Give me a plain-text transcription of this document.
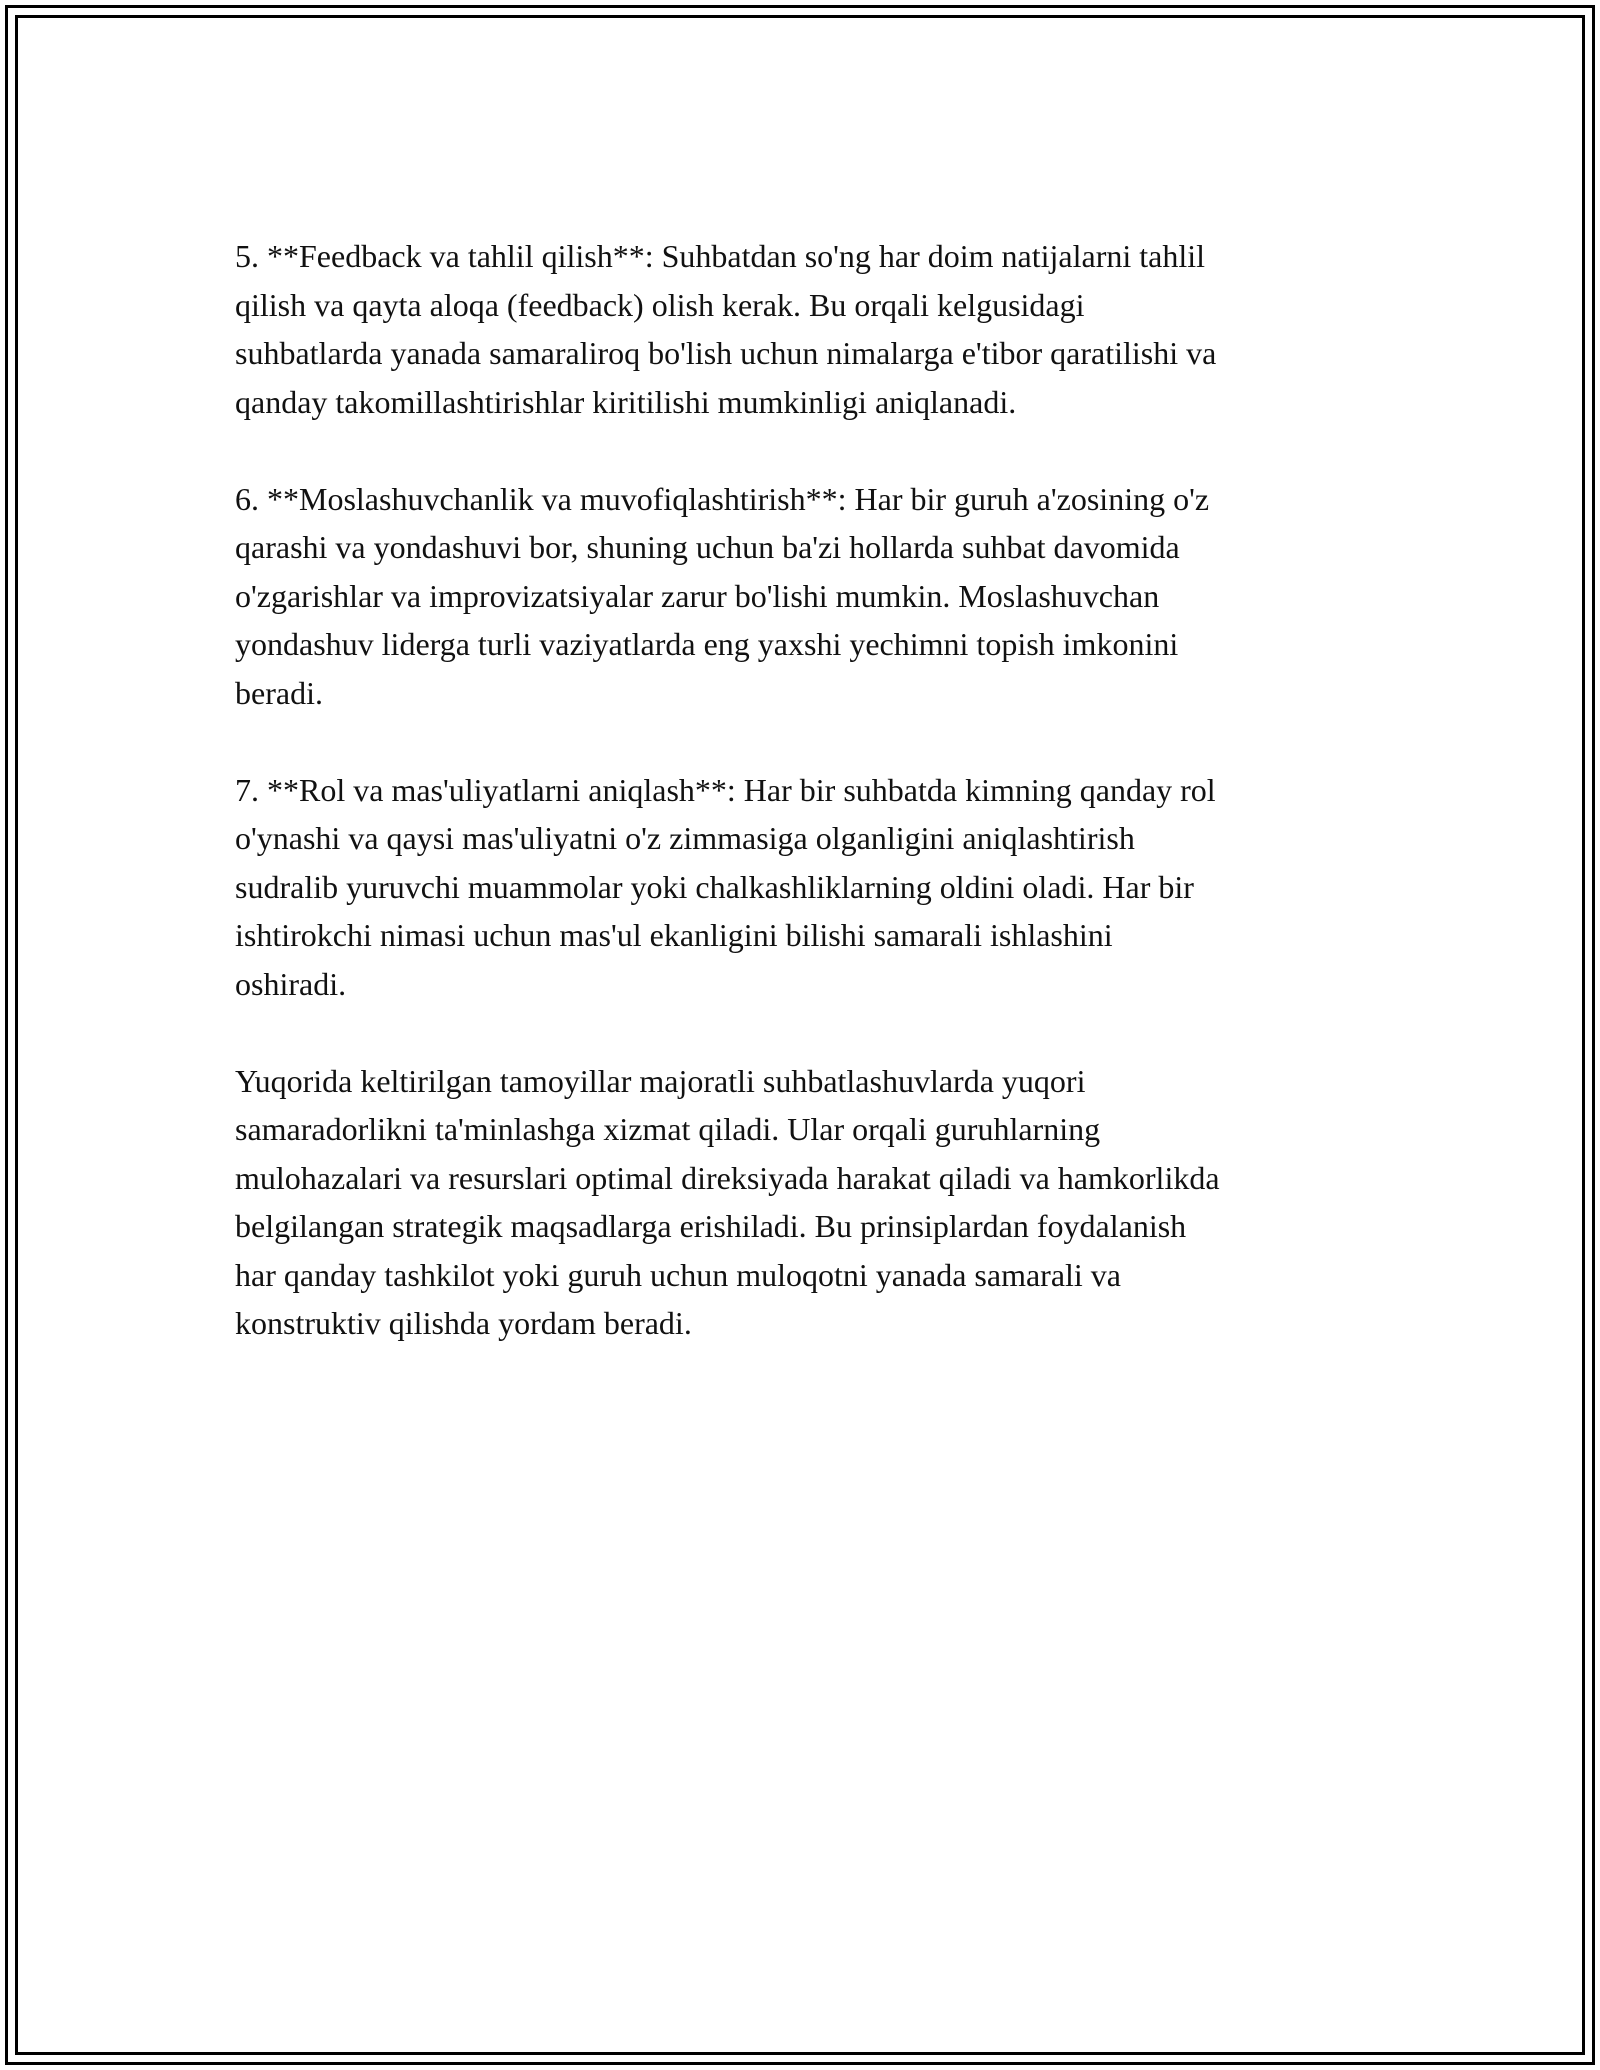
5. **Feedback va tahlil qilish**: Suhbatdan so'ng har doim natijalarni tahlil
qilish va qayta aloqa (feedback) olish kerak. Bu orqali kelgusidagi
suhbatlarda yanada samaraliroq bo'lish uchun nimalarga e'tibor qaratilishi va
qanday takomillashtirishlar kiritilishi mumkinligi aniqlanadi.

6. **Moslashuvchanlik va muvofiqlashtirish**: Har bir guruh a'zosining o'z
qarashi va yondashuvi bor, shuning uchun ba'zi hollarda suhbat davomida
o'zgarishlar va improvizatsiyalar zarur bo'lishi mumkin. Moslashuvchan
yondashuv liderga turli vaziyatlarda eng yaxshi yechimni topish imkonini
beradi.

7. **Rol va mas'uliyatlarni aniqlash**: Har bir suhbatda kimning qanday rol
o'ynashi va qaysi mas'uliyatni o'z zimmasiga olganligini aniqlashtirish
sudralib yuruvchi muammolar yoki chalkashliklarning oldini oladi. Har bir
ishtirokchi nimasi uchun mas'ul ekanligini bilishi samarali ishlashini
oshiradi.

Yuqorida keltirilgan tamoyillar majoratli suhbatlashuvlarda yuqori
samaradorlikni ta'minlashga xizmat qiladi. Ular orqali guruhlarning
mulohazalari va resurslari optimal direksiyada harakat qiladi va hamkorlikda
belgilangan strategik maqsadlarga erishiladi. Bu prinsiplardan foydalanish
har qanday tashkilot yoki guruh uchun muloqotni yanada samarali va
konstruktiv qilishda yordam beradi.
